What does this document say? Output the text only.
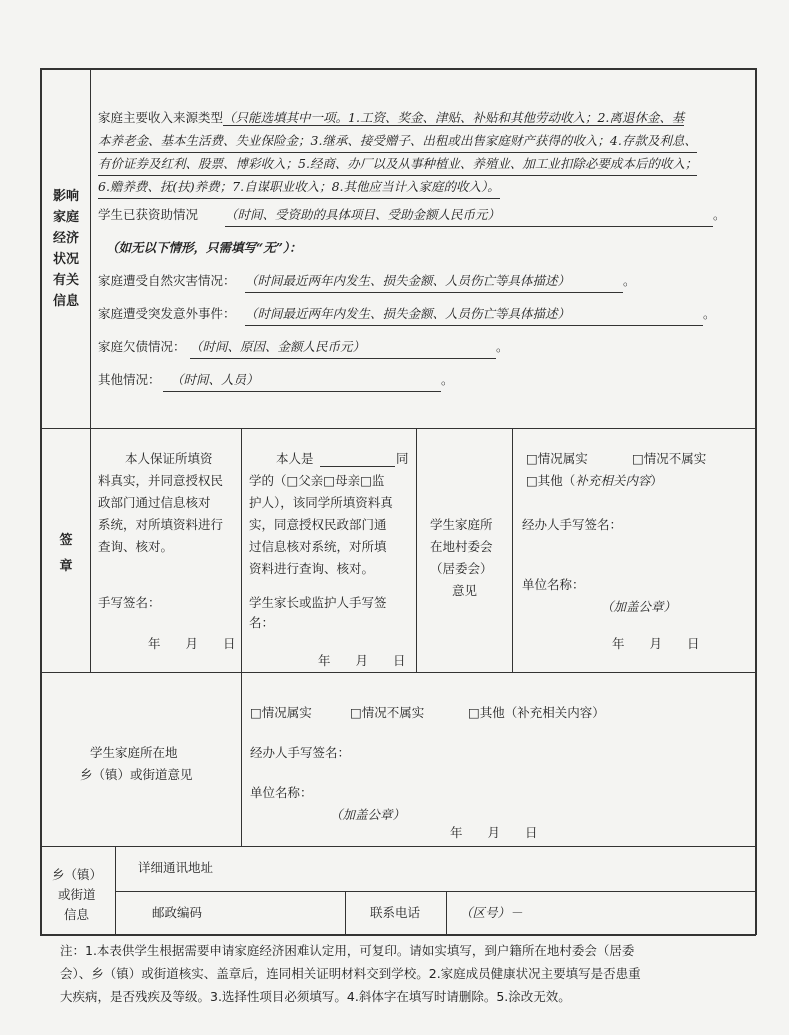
影响
家庭
经济
状况
有关
信息
家庭主要收入来源类型（只能选填其中一项。1.工资、奖金、津贴、补贴和其他劳动收入；2.离退休金、基
本养老金、基本生活费、失业保险金；3.继承、接受赠子、出租或出售家庭财产获得的收入；4.存款及利息、
有价证券及红利、股票、博彩收入；5.经商、办厂以及从事种植业、养殖业、加工业扣除必要成本后的收入；
6.赡养费、抚(扶)养费；7.自谋职业收入；8.其他应当计入家庭的收入）。
学生已获资助情况 （时间、受资助的具体项目、受助金额人民币元）	。
（如无以下情形，只需填写“无”）：
家庭遭受自然灾害情况： （时间最近两年内发生、损失金额、人员伤亡等具体描述）	。
家庭遭受突发意外事件： （时间最近两年内发生、损失金额、人员伤亡等具体描述）	。
家庭欠债情况： （时间、原因、金额人民币元）	。
其他情况： （时间、人员）	。
签
章
本人保证所填资
料真实，并同意授权民
政部门通过信息核对
系统，对所填资料进行
查询、核对。
手写签名：
年　　月　　日
本人是	同
学的（□父亲□母亲□监
护人），该同学所填资料真
实，同意授权民政部门通
过信息核对系统，对所填
资料进行查询、核对。
学生家长或监护人手写签
名：
年　　月　　日
学生家庭所
在地村委会
（居委会）
意见
□情况属实	□情况不属实
□其他（补充相关内容）
经办人手写签名：
单位名称：
（加盖公章）
年　　月　　日
学生家庭所在地
乡（镇）或街道意见
□情况属实	□情况不属实	□其他（补充相关内容）
经办人手写签名：
单位名称：
（加盖公章）
年　　月　　日
乡（镇）
或街道
信息
详细通讯地址
邮政编码	联系电话	（区号）－
注：1.本表供学生根据需要申请家庭经济困难认定用，可复印。请如实填写，到户籍所在地村委会（居委
会）、乡（镇）或街道核实、盖章后，连同相关证明材料交到学校。2.家庭成员健康状况主要填写是否患重
大疾病，是否残疾及等级。3.选择性项目必须填写。4.斜体字在填写时请删除。5.涂改无效。
